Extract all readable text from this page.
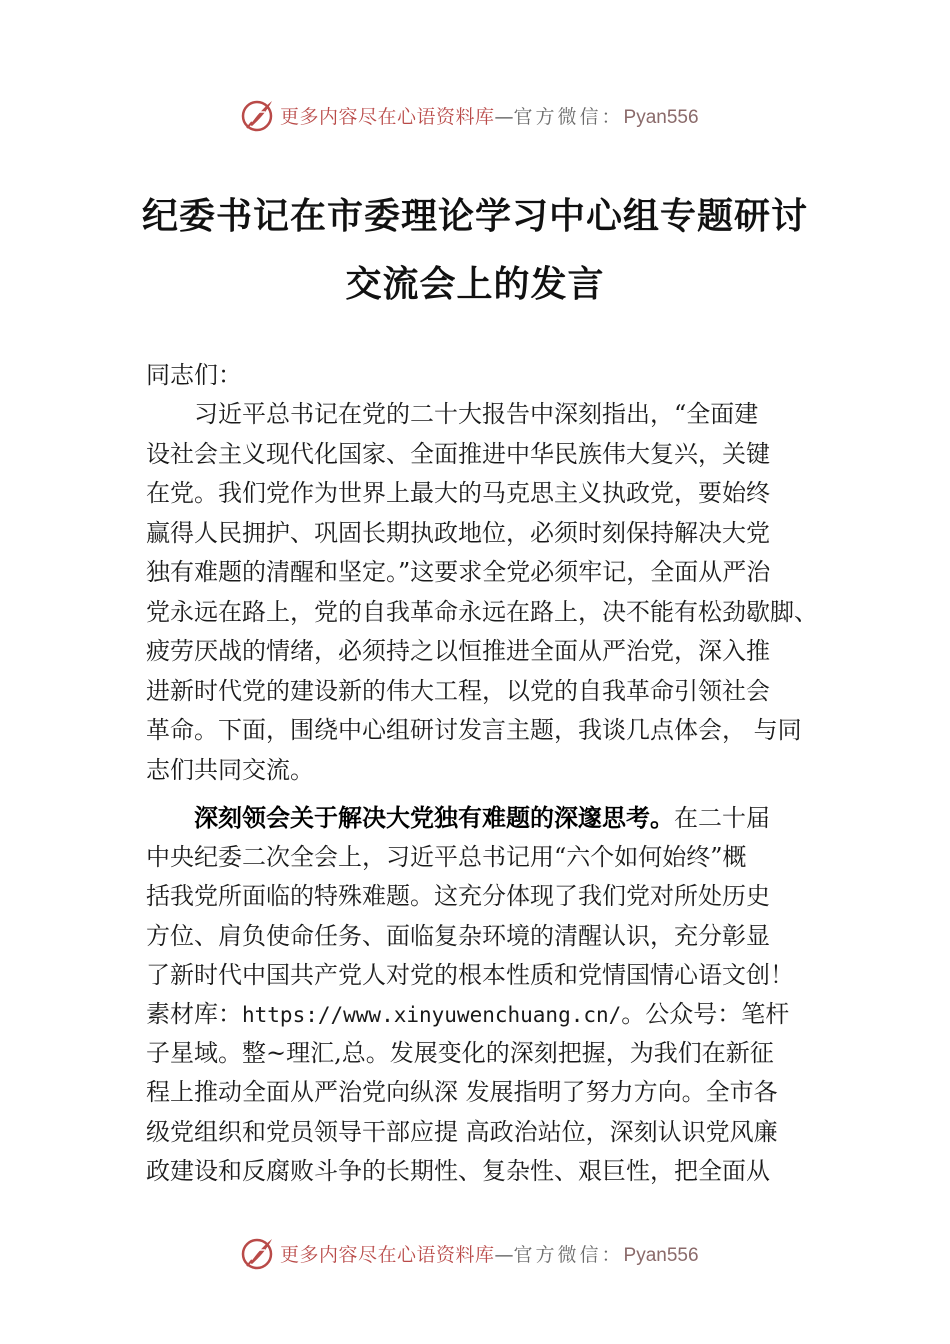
更多内容尽在心语资料库—官方微信：Pyan556
纪委书记在市委理论学习中心组专题研讨
交流会上的发言
同志们：
习近平总书记在党的二十大报告中深刻指出，“全面建
设社会主义现代化国家、全面推进中华民族伟大复兴，关键
在党。我们党作为世界上最大的马克思主义执政党，要始终
赢得人民拥护、巩固长期执政地位，必须时刻保持解决大党
独有难题的清醒和坚定。”这要求全党必须牢记，全面从严治
党永远在路上，党的自我革命永远在路上，决不能有松劲歇脚、
疲劳厌战的情绪，必须持之以恒推进全面从严治党，深入推
进新时代党的建设新的伟大工程，以党的自我革命引领社会
革命。下面，围绕中心组研讨发言主题，我谈几点体会， 与同
志们共同交流。
深刻领会关于解决大党独有难题的深邃思考。在二十届
中央纪委二次全会上，习近平总书记用“六个如何始终”概
括我党所面临的特殊难题。这充分体现了我们党对所处历史
方位、肩负使命任务、面临复杂环境的清醒认识，充分彰显
了新时代中国共产党人对党的根本性质和党情国情心语文创！
素材库：https://www.xinyuwenchuang.cn/。公众号：笔杆
子星域。整~理汇,总。发展变化的深刻把握，为我们在新征
程上推动全面从严治党向纵深 发展指明了努力方向。全市各
级党组织和党员领导干部应提 高政治站位，深刻认识党风廉
政建设和反腐败斗争的长期性、复杂性、艰巨性，把全面从
更多内容尽在心语资料库—官方微信：Pyan556
